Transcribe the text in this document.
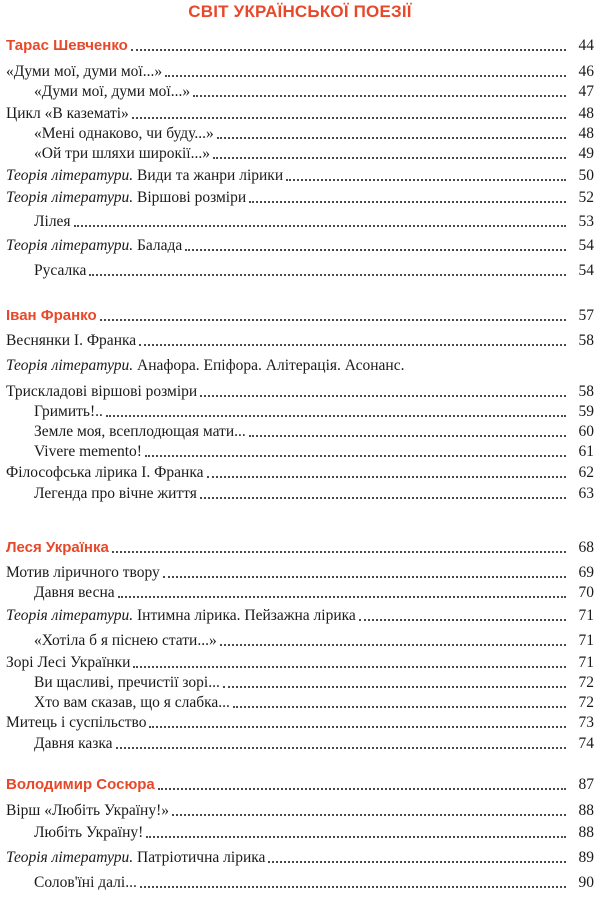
СВІТ УКРАЇНСЬКОЇ ПОЕЗІЇ
Тарас Шевченко	44
«Думи мої, думи мої...»	46
«Думи мої, думи мої...»	47
Цикл «В казематі»	48
«Мені однаково, чи буду...»	48
«Ой три шляхи широкії...»	49
Теорія літератури. Види та жанри лірики	50
Теорія літератури. Віршові розміри	52
Лілея	53
Теорія літератури. Балада	54
Русалка	54
Іван Франко	57
Веснянки І. Франка	58
Теорія літератури. Анафора. Епіфора. Алітерація. Асонанс.
Трискладові віршові розміри	58
Гримить!..	59
Земле моя, всеплодющая мати...	60
Vivere memento!	61
Філософська лірика І. Франка	62
Легенда про вічне життя	63
Леся Українка	68
Мотив ліричного твору	69
Давня весна	70
Теорія літератури. Інтимна лірика. Пейзажна лірика	71
«Хотіла б я піснею стати...»	71
Зорі Лесі Українки	71
Ви щасливі, пречистії зорі...	72
Хто вам сказав, що я слабка...	72
Митець і суспільство	73
Давня казка	74
Володимир Сосюра	87
Вірш «Любіть Україну!»	88
Любіть Україну!	88
Теорія літератури. Патріотична лірика	89
Солов'їні далі...	90
